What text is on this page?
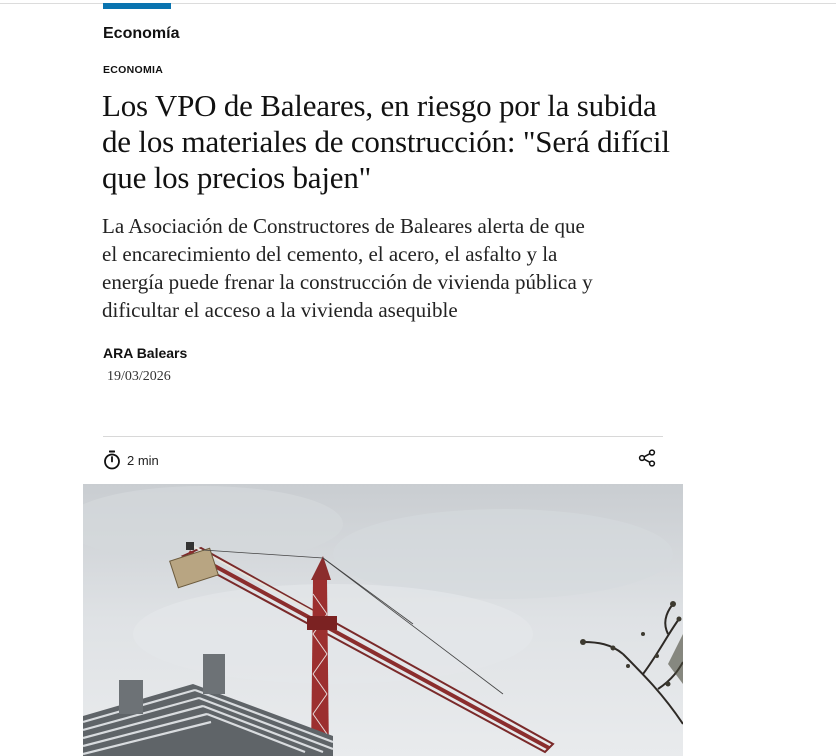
Economía
ECONOMIA
Los VPO de Baleares, en riesgo por la subida de los materiales de construcción: "Será difícil que los precios bajen"

La Asociación de Constructores de Baleares alerta de que el encarecimiento del cemento, el acero, el asfalto y la energía puede frenar la construcción de vivienda pública y dificultar el acceso a la vivienda asequible

ARA Balears
19/03/2026
2 min
